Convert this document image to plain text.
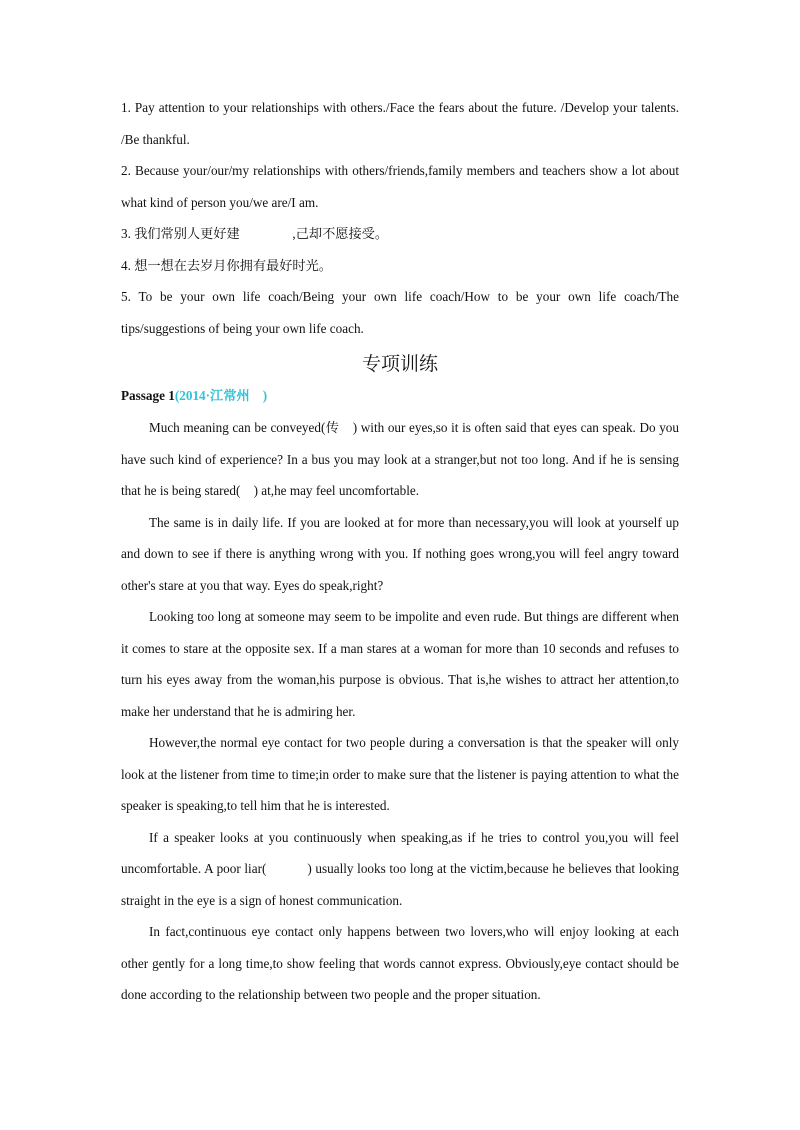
1. Pay attention to your relationships with others./Face the fears about the future. /Develop your talents. /Be thankful.

2. Because your/our/my relationships with others/friends,family members and teachers show a lot about what kind of person you/we are/I am.

3. 我们常别人更好建　　　　,己却不愿接受。

4. 想一想在去岁月你拥有最好时光。

5. To be your own life coach/Being your own life coach/How to be your own life coach/The tips/suggestions of being your own life coach.

专项训练
Passage 1(2014·江常州　)

Much meaning can be conveyed(传　) with our eyes,so it is often said that eyes can speak. Do you have such kind of experience? In a bus you may look at a stranger,but not too long. And if he is sensing that he is being stared(　) at,he may feel uncomfortable.

The same is in daily life. If you are looked at for more than necessary,you will look at yourself up and down to see if there is anything wrong with you. If nothing goes wrong,you will feel angry toward other's stare at you that way. Eyes do speak,right?

Looking too long at someone may seem to be impolite and even rude. But things are different when it comes to stare at the opposite sex. If a man stares at a woman for more than 10 seconds and refuses to turn his eyes away from the woman,his purpose is obvious. That is,he wishes to attract her attention,to make her understand that he is admiring her.

However,the normal eye contact for two people during a conversation is that the speaker will only look at the listener from time to time;in order to make sure that the listener is paying attention to what the speaker is speaking,to tell him that he is interested.

If a speaker looks at you continuously when speaking,as if he tries to control you,you will feel uncomfortable. A poor liar(　　　) usually looks too long at the victim,because he believes that looking straight in the eye is a sign of honest communication.

In fact,continuous eye contact only happens between two lovers,who will enjoy looking at each other gently for a long time,to show feeling that words cannot express. Obviously,eye contact should be done according to the relationship between two people and the proper situation.
